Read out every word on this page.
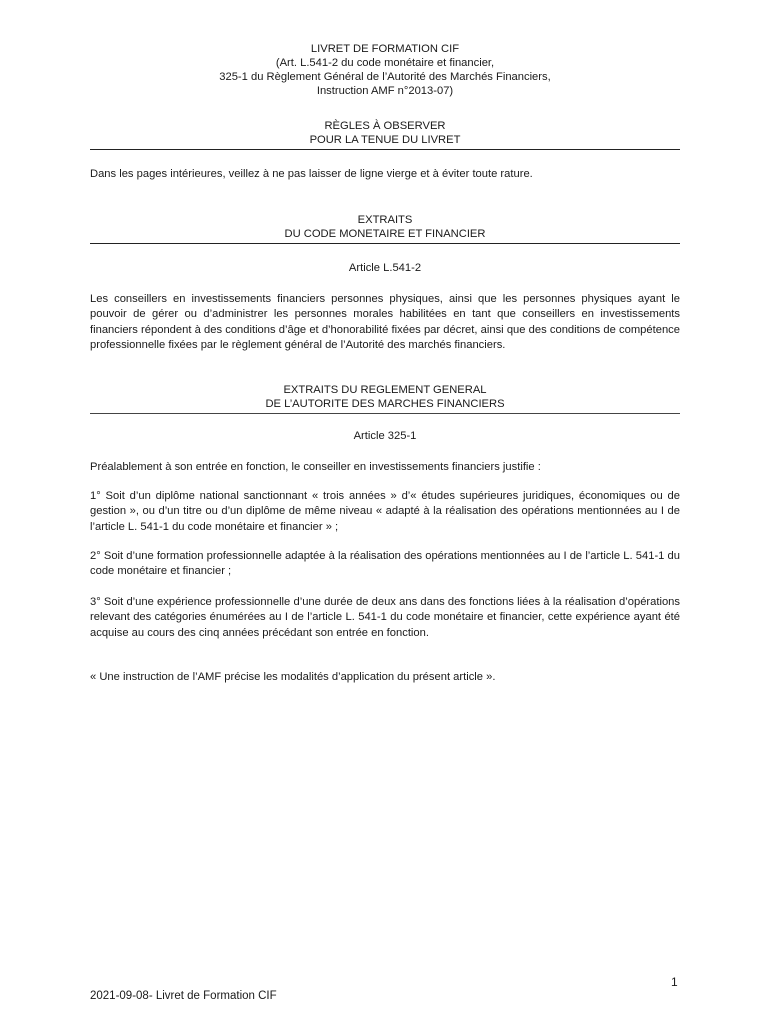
LIVRET DE FORMATION CIF
(Art. L.541-2 du code monétaire et financier,
325-1 du Règlement Général de l’Autorité des Marchés Financiers,
Instruction AMF n°2013-07)
RÈGLES À OBSERVER
POUR LA TENUE DU LIVRET

Dans les pages intérieures, veillez à ne pas laisser de ligne vierge et à éviter toute rature.

EXTRAITS
DU CODE MONETAIRE ET FINANCIER
Article L.541-2

Les conseillers en investissements financiers personnes physiques, ainsi que les personnes physiques ayant le pouvoir de gérer ou d’administrer les personnes morales habilitées en tant que conseillers en investissements financiers répondent à des conditions d’âge et d’honorabilité fixées par décret, ainsi que des conditions de compétence professionnelle fixées par le règlement général de l’Autorité des marchés financiers.

EXTRAITS DU REGLEMENT GENERAL
DE L’AUTORITE DES MARCHES FINANCIERS
Article 325-1

Préalablement à son entrée en fonction, le conseiller en investissements financiers justifie :

1° Soit d’un diplôme national sanctionnant « trois années » d’« études supérieures juridiques, économiques ou de gestion », ou d’un titre ou d’un diplôme de même niveau « adapté à la réalisation des opérations mentionnées au I de l’article L. 541-1 du code monétaire et financier » ;

2° Soit d’une formation professionnelle adaptée à la réalisation des opérations mentionnées au I de l’article L. 541-1 du code monétaire et financier ;

3° Soit d’une expérience professionnelle d’une durée de deux ans dans des fonctions liées à la réalisation d’opérations relevant des catégories énumérées au I de l’article L. 541-1 du code monétaire et financier, cette expérience ayant été acquise au cours des cinq années précédant son entrée en fonction.

« Une instruction de l’AMF précise les modalités d’application du présent article ».

1
2021-09-08- Livret de Formation CIF
